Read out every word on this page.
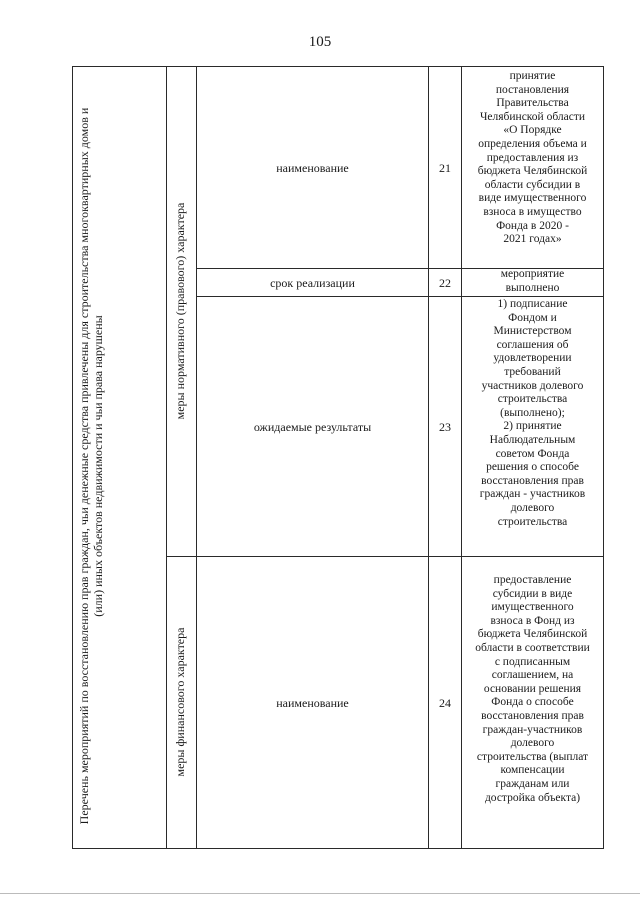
105
Перечень мероприятий по восстановлению прав граждан, чьи денежные средства привлечены для строительства многоквартирных домов и (или) иных объектов недвижимости и чьи права нарушены
меры нормативного (правового) характера
меры финансового характера
наименование
срок реализации
ожидаемые результаты
наименование
21
22
23
24
принятие
постановления
Правительства
Челябинской области
«О Порядке
определения объема и
предоставления из
бюджета Челябинской
области субсидии в
виде имущественного
взноса в имущество
Фонда в 2020 -
2021 годах»
мероприятие
выполнено
1) подписание
Фондом и
Министерством
соглашения об
удовлетворении
требований
участников долевого
строительства
(выполнено);
2) принятие
Наблюдательным
советом Фонда
решения о способе
восстановления прав
граждан - участников
долевого
строительства
предоставление
субсидии в виде
имущественного
взноса в Фонд из
бюджета Челябинской
области в соответствии
с подписанным
соглашением, на
основании решения
Фонда о способе
восстановления прав
граждан-участников
долевого
строительства (выплат
компенсации
гражданам или
достройка объекта)
